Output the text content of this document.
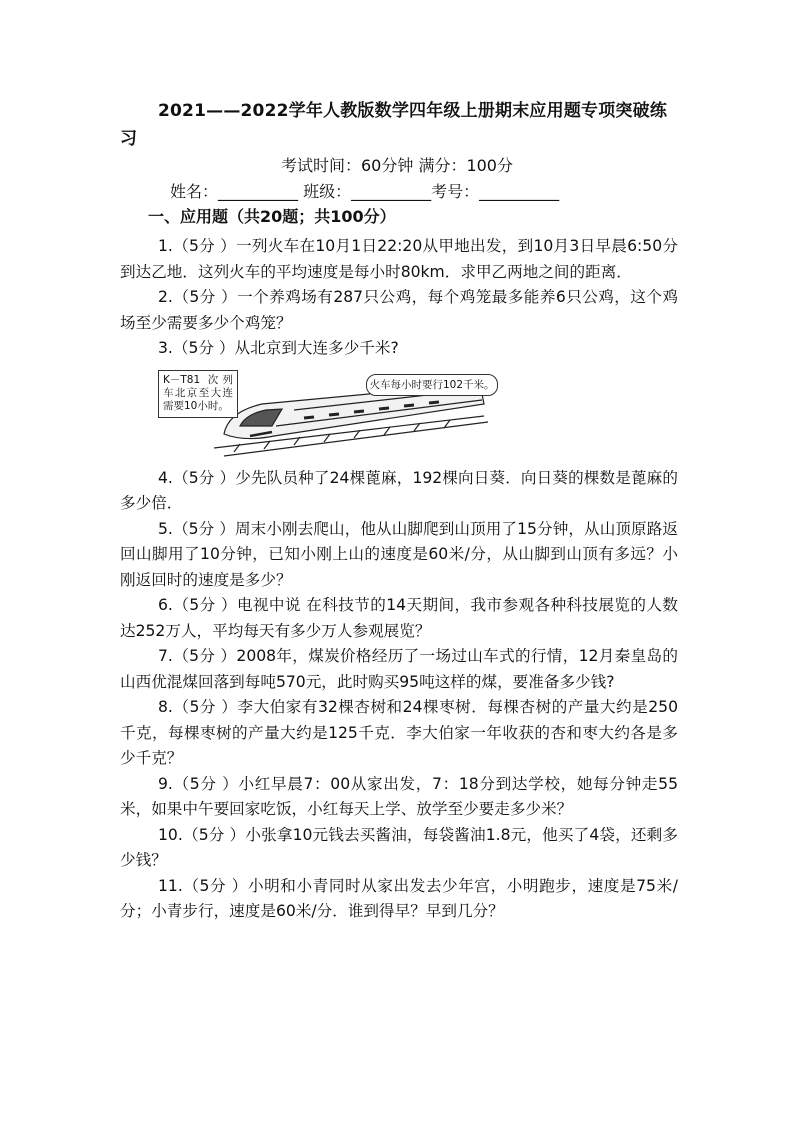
2021——2022学年人教版数学四年级上册期末应用题专项突破练习
考试时间：60分钟 满分：100分
姓名：__________ 班级：__________考号：__________
一、应用题（共20题；共100分）

1.（5分 ）一列火车在10月1日22:20从甲地出发，到10月3日早晨6:50分到达乙地．这列火车的平均速度是每小时80km．求甲乙两地之间的距离．

2.（5分 ）一个养鸡场有287只公鸡，每个鸡笼最多能养6只公鸡，这个鸡场至少需要多少个鸡笼？

3.（5分 ）从北京到大连多少千米?

K－T81 次列车北京至大连需要10小时。
火车每小时要行102千米。

4.（5分 ）少先队员种了24棵蓖麻，192棵向日葵．向日葵的棵数是蓖麻的多少倍．

5.（5分 ）周末小刚去爬山，他从山脚爬到山顶用了15分钟，从山顶原路返回山脚用了10分钟，已知小刚上山的速度是60米/分，从山脚到山顶有多远？小刚返回时的速度是多少？

6.（5分 ）电视中说 在科技节的14天期间，我市参观各种科技展览的人数达252万人，平均每天有多少万人参观展览？

7.（5分 ）2008年，煤炭价格经历了一场过山车式的行情，12月秦皇岛的山西优混煤回落到每吨570元，此时购买95吨这样的煤，要准备多少钱?

8.（5分 ）李大伯家有32棵杏树和24棵枣树．每棵杏树的产量大约是250千克，每棵枣树的产量大约是125千克．李大伯家一年收获的杏和枣大约各是多少千克？

9.（5分 ）小红早晨7：00从家出发，7：18分到达学校，她每分钟走55米，如果中午要回家吃饭，小红每天上学、放学至少要走多少米？

10.（5分 ）小张拿10元钱去买酱油，每袋酱油1.8元，他买了4袋，还剩多少钱？

11.（5分 ）小明和小青同时从家出发去少年宫，小明跑步，速度是75米/分；小青步行，速度是60米/分．谁到得早？早到几分？
